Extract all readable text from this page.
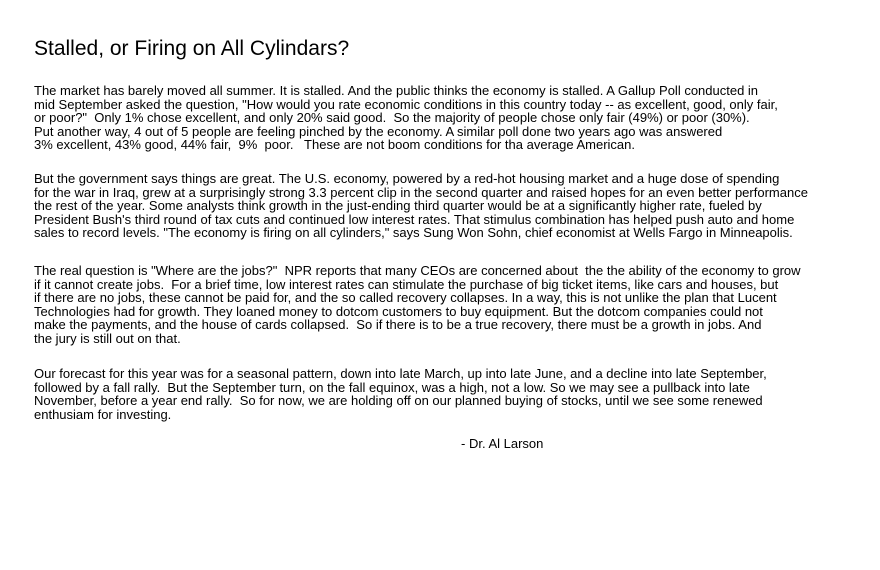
Stalled, or Firing on All Cylindars?

The market has barely moved all summer. It is stalled. And the public thinks the economy is stalled. A Gallup Poll conducted in
mid September asked the question, "How would you rate economic conditions in this country today -- as excellent, good, only fair,
or poor?"  Only 1% chose excellent, and only 20% said good.  So the majority of people chose only fair (49%) or poor (30%).
Put another way, 4 out of 5 people are feeling pinched by the economy. A similar poll done two years ago was answered
3% excellent, 43% good, 44% fair,  9%  poor.   These are not boom conditions for tha average American.

But the government says things are great. The U.S. economy, powered by a red-hot housing market and a huge dose of spending
for the war in Iraq, grew at a surprisingly strong 3.3 percent clip in the second quarter and raised hopes for an even better performance
the rest of the year. Some analysts think growth in the just-ending third quarter would be at a significantly higher rate, fueled by
President Bush's third round of tax cuts and continued low interest rates. That stimulus combination has helped push auto and home
sales to record levels. "The economy is firing on all cylinders," says Sung Won Sohn, chief economist at Wells Fargo in Minneapolis.

The real question is "Where are the jobs?"  NPR reports that many CEOs are concerned about  the the ability of the economy to grow
if it cannot create jobs.  For a brief time, low interest rates can stimulate the purchase of big ticket items, like cars and houses, but
if there are no jobs, these cannot be paid for, and the so called recovery collapses. In a way, this is not unlike the plan that Lucent
Technologies had for growth. They loaned money to dotcom customers to buy equipment. But the dotcom companies could not
make the payments, and the house of cards collapsed.  So if there is to be a true recovery, there must be a growth in jobs. And
the jury is still out on that.

Our forecast for this year was for a seasonal pattern, down into late March, up into late June, and a decline into late September,
followed by a fall rally.  But the September turn, on the fall equinox, was a high, not a low. So we may see a pullback into late
November, before a year end rally.  So for now, we are holding off on our planned buying of stocks, until we see some renewed
enthusiam for investing.

- Dr. Al Larson
